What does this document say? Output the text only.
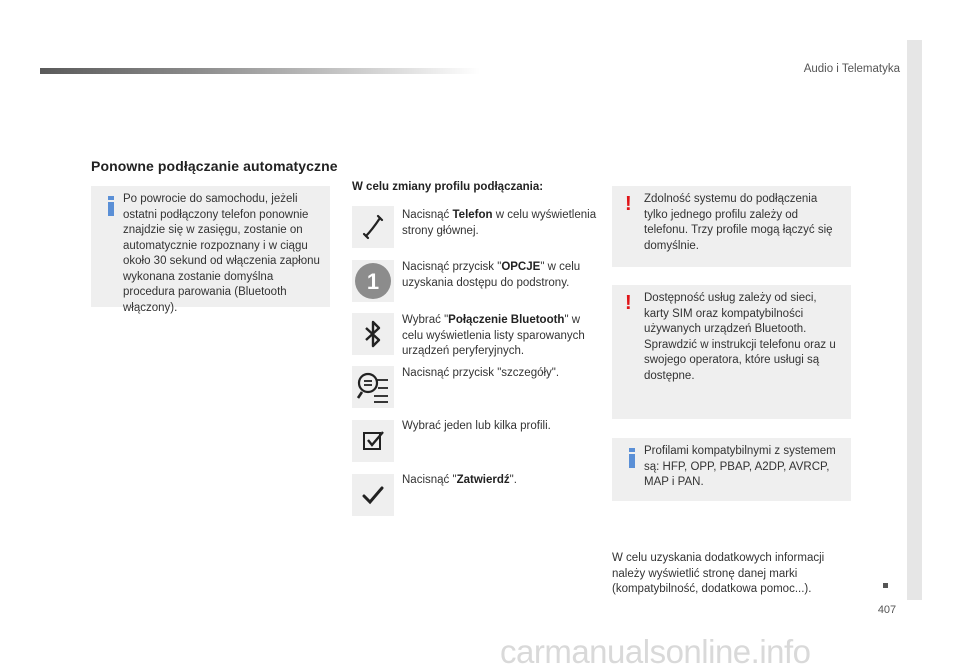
Audio i Telematyka
407
Ponowne podłączanie automatyczne

Po powrocie do samochodu, jeżeli ostatni podłączony telefon ponownie znajdzie się w zasięgu, zostanie on automatycznie rozpoznany i w ciągu około 30 sekund od włączenia zapłonu wykonana zostanie domyślna procedura parowania (Bluetooth włączony).

W celu zmiany profilu podłączania:
Nacisnąć Telefon w celu wyświetlenia strony głównej.
1
Nacisnąć przycisk "OPCJE" w celu uzyskania dostępu do podstrony.
Wybrać "Połączenie Bluetooth" w celu wyświetlenia listy sparowanych urządzeń peryferyjnych.
Nacisnąć przycisk "szczegóły".
Wybrać jeden lub kilka profili.
Nacisnąć "Zatwierdź".
! Zdolność systemu do podłączenia tylko jednego profilu zależy od telefonu. Trzy profile mogą łączyć się domyślnie.

! Dostępność usług zależy od sieci, karty SIM oraz kompatybilności używanych urządzeń Bluetooth. Sprawdzić w instrukcji telefonu oraz u swojego operatora, które usługi są dostępne.

Profilami kompatybilnymi z systemem są: HFP, OPP, PBAP, A2DP, AVRCP, MAP i PAN.

W celu uzyskania dodatkowych informacji należy wyświetlić stronę danej marki (kompatybilność, dodatkowa pomoc...).
carmanualsonline.info
